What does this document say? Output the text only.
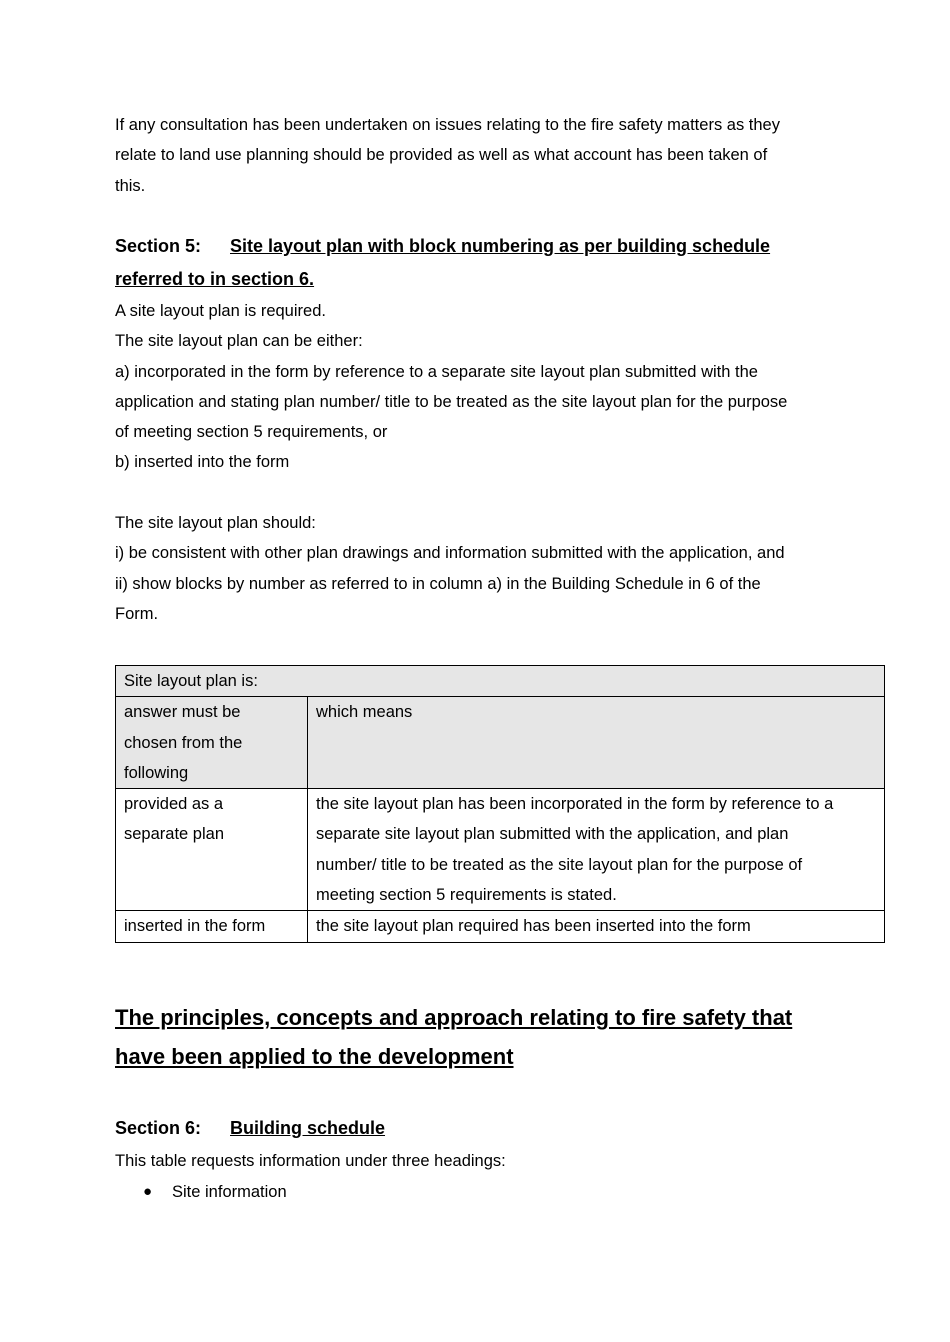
If any consultation has been undertaken on issues relating to the fire safety matters as they
relate to land use planning should be provided as well as what account has been taken of
this.

Section 5: Site layout plan with block numbering as per building schedule

referred to in section 6.

A site layout plan is required.
The site layout plan can be either:
a) incorporated in the form by reference to a separate site layout plan submitted with the
application and stating plan number/ title to be treated as the site layout plan for the purpose
of meeting section 5 requirements, or
b) inserted into the form
The site layout plan should:
i) be consistent with other plan drawings and information submitted with the application, and
ii) show blocks by number as referred to in column a) in the Building Schedule in 6 of the
Form.
Site layout plan is:	

answer must be
chosen from the
following	which means

provided as a
separate plan	the site layout plan has been incorporated in the form by reference to a
separate site layout plan submitted with the application, and plan
number/ title to be treated as the site layout plan for the purpose of
meeting section 5 requirements is stated.

inserted in the form	the site layout plan required has been inserted into the form

The principles, concepts and approach relating to fire safety that

have been applied to the development

Section 6: Building schedule

This table requests information under three headings:
● Site information
